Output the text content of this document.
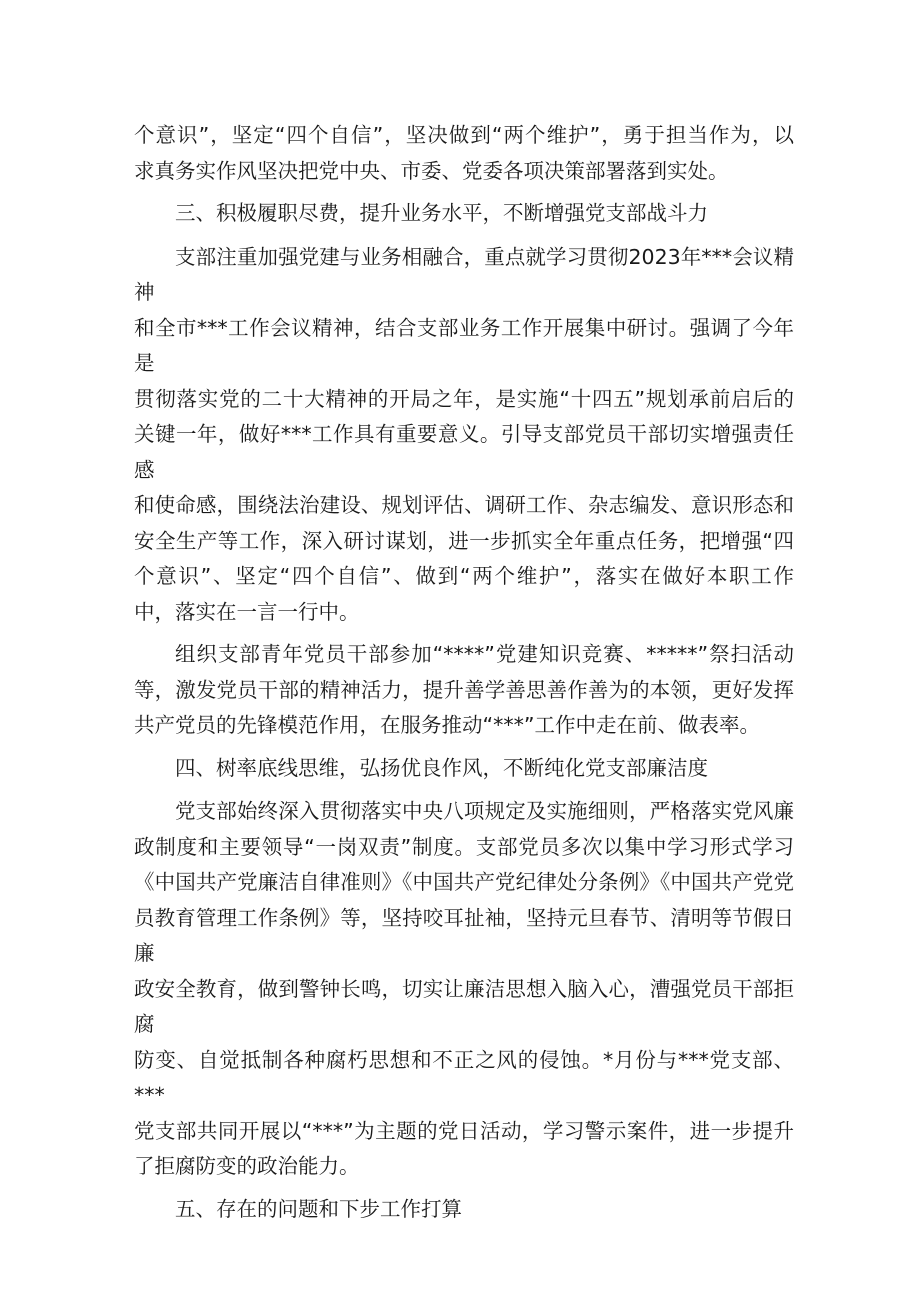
个意识”，坚定“四个自信”，坚决做到“两个维护”，勇于担当作为，以
求真务实作风坚决把党中央、市委、党委各项决策部署落到实处。
三、积极履职尽费，提升业务水平，不断增强党支部战斗力
支部注重加强党建与业务相融合，重点就学习贯彻2023年***会议精神
和全市***工作会议精神，结合支部业务工作开展集中研讨。强调了今年是
贯彻落实党的二十大精神的开局之年，是实施“十四五”规划承前启后的
关键一年，做好***工作具有重要意义。引导支部党员干部切实增强责任感
和使命感，围绕法治建设、规划评估、调研工作、杂志编发、意识形态和
安全生产等工作，深入研讨谋划，进一步抓实全年重点任务，把增强“四
个意识”、坚定“四个自信”、做到“两个维护”，落实在做好本职工作
中，落实在一言一行中。
组织支部青年党员干部参加“****”党建知识竞赛、*****”祭扫活动
等，激发党员干部的精神活力，提升善学善思善作善为的本领，更好发挥
共产党员的先锋模范作用，在服务推动“***”工作中走在前、做表率。
四、树率底线思维，弘扬优良作风，不断纯化党支部廉洁度
党支部始终深入贯彻落实中央八项规定及实施细则，严格落实党风廉
政制度和主要领导“一岗双责”制度。支部党员多次以集中学习形式学习
《中国共产党廉洁自律准则》《中国共产党纪律处分条例》《中国共产党党
员教育管理工作条例》等，坚持咬耳扯袖，坚持元旦春节、清明等节假日廉
政安全教育，做到警钟长鸣，切实让廉洁思想入脑入心，漕强党员干部拒腐
防变、自觉抵制各种腐朽思想和不正之风的侵蚀。*月份与***党支部、***
党支部共同开展以“***”为主题的党日活动，学习警示案件，进一步提升
了拒腐防变的政治能力。
五、存在的问题和下步工作打算
